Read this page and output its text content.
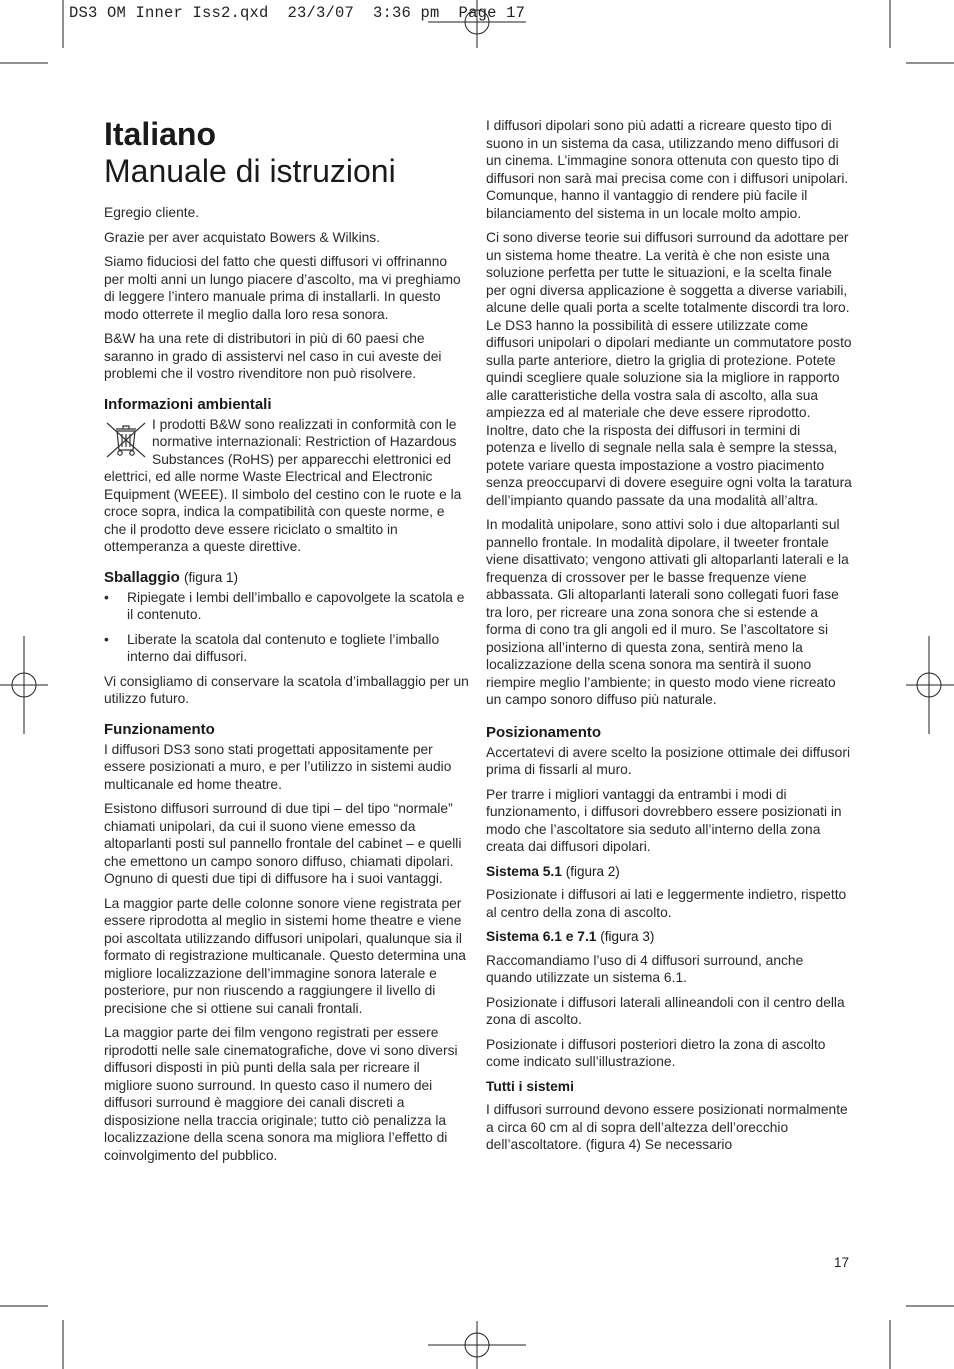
DS3 OM Inner Iss2.qxd  23/3/07  3:36 pm  Page 17
Italiano
Manuale di istruzioni

Egregio cliente.

Grazie per aver acquistato Bowers & Wilkins.

Siamo fiduciosi del fatto che questi diffusori vi offrinanno per molti anni un lungo piacere d’ascolto, ma vi preghiamo di leggere l’intero manuale prima di installarli. In questo modo otterrete il meglio dalla loro resa sonora.

B&W ha una rete di distributori in più di 60 paesi che saranno in grado di assistervi nel caso in cui aveste dei problemi che il vostro rivenditore non può risolvere.

Informazioni ambientali

I prodotti B&W sono realizzati in conformità con le normative internazionali: Restriction of Hazardous Substances (RoHS) per apparecchi elettronici ed elettrici, ed alle norme Waste Electrical and Electronic Equipment (WEEE). Il simbolo del cestino con le ruote e la croce sopra, indica la compatibilità con queste norme, e che il prodotto deve essere riciclato o smaltito in ottemperanza a queste direttive.

Sballaggio (figura 1)
• Ripiegate i lembi dell’imballo e capovolgete la scatola e il contenuto.
• Liberate la scatola dal contenuto e togliete l’imballo interno dai diffusori.

Vi consigliamo di conservare la scatola d’imballaggio per un utilizzo futuro.

Funzionamento

I diffusori DS3 sono stati progettati appositamente per essere posizionati a muro, e per l’utilizzo in sistemi audio multicanale ed home theatre.

Esistono diffusori surround di due tipi – del tipo “normale” chiamati unipolari, da cui il suono viene emesso da altoparlanti posti sul pannello frontale del cabinet – e quelli che emettono un campo sonoro diffuso, chiamati dipolari. Ognuno di questi due tipi di diffusore ha i suoi vantaggi.

La maggior parte delle colonne sonore viene registrata per essere riprodotta al meglio in sistemi home theatre e viene poi ascoltata utilizzando diffusori unipolari, qualunque sia il formato di registrazione multicanale. Questo determina una migliore localizzazione dell’immagine sonora laterale e posteriore, pur non riuscendo a raggiungere il livello di precisione che si ottiene sui canali frontali.

La maggior parte dei film vengono registrati per essere riprodotti nelle sale cinematografiche, dove vi sono diversi diffusori disposti in più punti della sala per ricreare il migliore suono surround. In questo caso il numero dei diffusori surround è maggiore dei canali discreti a disposizione nella traccia originale; tutto ciò penalizza la localizzazione della scena sonora ma migliora l’effetto di coinvolgimento del pubblico.

I diffusori dipolari sono più adatti a ricreare questo tipo di suono in un sistema da casa, utilizzando meno diffusori di un cinema. L’immagine sonora ottenuta con questo tipo di diffusori non sarà mai precisa come con i diffusori unipolari. Comunque, hanno il vantaggio di rendere più facile il bilanciamento del sistema in un locale molto ampio.

Ci sono diverse teorie sui diffusori surround da adottare per un sistema home theatre. La verità è che non esiste una soluzione perfetta per tutte le situazioni, e la scelta finale per ogni diversa applicazione è soggetta a diverse variabili, alcune delle quali porta a scelte totalmente discordi tra loro. Le DS3 hanno la possibilità di essere utilizzate come diffusori unipolari o dipolari mediante un commutatore posto sulla parte anteriore, dietro la griglia di protezione. Potete quindi scegliere quale soluzione sia la migliore in rapporto alle caratteristiche della vostra sala di ascolto, alla sua ampiezza ed al materiale che deve essere riprodotto. Inoltre, dato che la risposta dei diffusori in termini di potenza e livello di segnale nella sala è sempre la stessa, potete variare questa impostazione a vostro piacimento senza preoccuparvi di dovere eseguire ogni volta la taratura dell’impianto quando passate da una modalità all’altra.

In modalità unipolare, sono attivi solo i due altoparlanti sul pannello frontale. In modalità dipolare, il tweeter frontale viene disattivato; vengono attivati gli altoparlanti laterali e la frequenza di crossover per le basse frequenze viene abbassata. Gli altoparlanti laterali sono collegati fuori fase tra loro, per ricreare una zona sonora che si estende a forma di cono tra gli angoli ed il muro. Se l’ascoltatore si posiziona all’interno di questa zona, sentirà meno la localizzazione della scena sonora ma sentirà il suono riempire meglio l’ambiente; in questo modo viene ricreato un campo sonoro diffuso più naturale.

Posizionamento

Accertatevi di avere scelto la posizione ottimale dei diffusori prima di fissarli al muro.

Per trarre i migliori vantaggi da entrambi i modi di funzionamento, i diffusori dovrebbero essere posizionati in modo che l’ascoltatore sia seduto all’interno della zona creata dai diffusori dipolari.

Sistema 5.1 (figura 2)

Posizionate i diffusori ai lati e leggermente indietro, rispetto al centro della zona di ascolto.

Sistema 6.1 e 7.1 (figura 3)

Raccomandiamo l’uso di 4 diffusori surround, anche quando utilizzate un sistema 6.1.

Posizionate i diffusori laterali allineandoli con il centro della zona di ascolto.

Posizionate i diffusori posteriori dietro la zona di ascolto come indicato sull’illustrazione.

Tutti i sistemi

I diffusori surround devono essere posizionati normalmente a circa 60 cm al di sopra dell’altezza dell’orecchio dell’ascoltatore. (figura 4) Se necessario

17
